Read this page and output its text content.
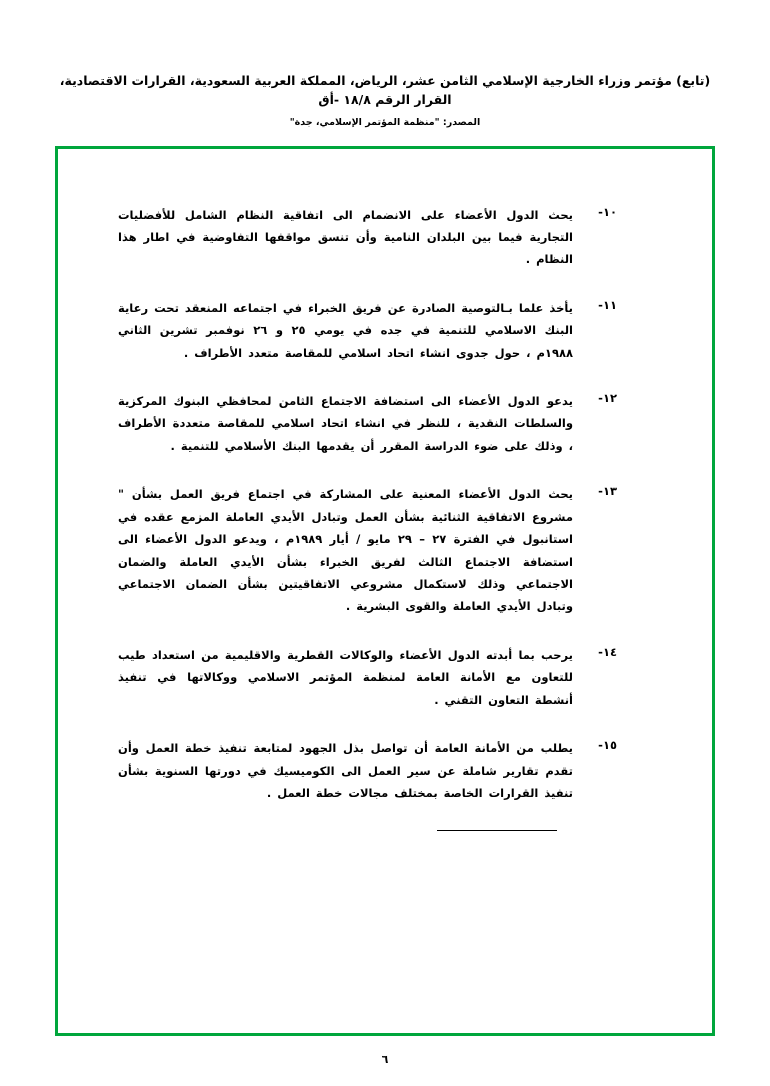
(تابع) مؤتمر وزراء الخارجية الإسلامي الثامن عشر، الرياض، المملكة العربية السعودية، القرارات الاقتصادية، القرار الرقم ١٨/٨ -أق
المصدر: "منظمة المؤتمر الإسلامي، جدة"
١٠-
يحث الدول الأعضاء على الانضمام الى اتفاقية النظام الشامل للأفضليات التجارية فيما بين البلدان النامية وأن تنسق مواقفها التفاوضية في اطار هذا النظام .
١١-
يأخذ علما بـالتوصية الصادرة عن فريق الخبراء في اجتماعه المنعقد تحت رعاية البنك الاسلامي للتنمية في جده في يومي ٢٥ و ٢٦ نوفمبر تشرين الثاني ١٩٨٨م ، حول جدوى انشاء اتحاد اسلامي للمقاصة متعدد الأطراف .
١٢-
يدعو الدول الأعضاء الى استضافة الاجتماع الثامن لمحافظي البنوك المركزية والسلطات النقدية ، للنظر في انشاء اتحاد اسلامي للمقاصة متعددة الأطراف ، وذلك على ضوء الدراسة المقرر أن يقدمها البنك الأسلامي للتنمية .
١٣-
يحث الدول الأعضاء المعنية على المشاركة في اجتماع فريق العمل بشأن " مشروع الاتفاقية الثنائية بشأن العمل وتبادل الأيدي العاملة المزمع عقده في استانبول في الفترة ٢٧ – ٢٩ مايو / أيار ١٩٨٩م ، ويدعو الدول الأعضاء الى استضافة الاجتماع الثالث لفريق الخبراء بشأن الأيدي العاملة والضمان الاجتماعي وذلك لاستكمال مشروعي الاتفاقيتين بشأن الضمان الاجتماعي وتبادل الأيدي العاملة والقوى البشرية .
١٤-
يرحب بما أبدته الدول الأعضاء والوكالات القطرية والاقليمية من استعداد طيب للتعاون مع الأمانة العامة لمنظمة المؤتمر الاسلامي ووكالاتها في تنفيذ أنشطة التعاون التقني .
١٥-
يطلب من الأمانة العامة أن تواصل بذل الجهود لمتابعة تنفيذ خطة العمل وأن تقدم تقارير شاملة عن سير العمل الى الكوميسيك في دورتها السنوية بشأن تنفيذ القرارات الخاصة بمختلف مجالات خطة العمل .
٦
